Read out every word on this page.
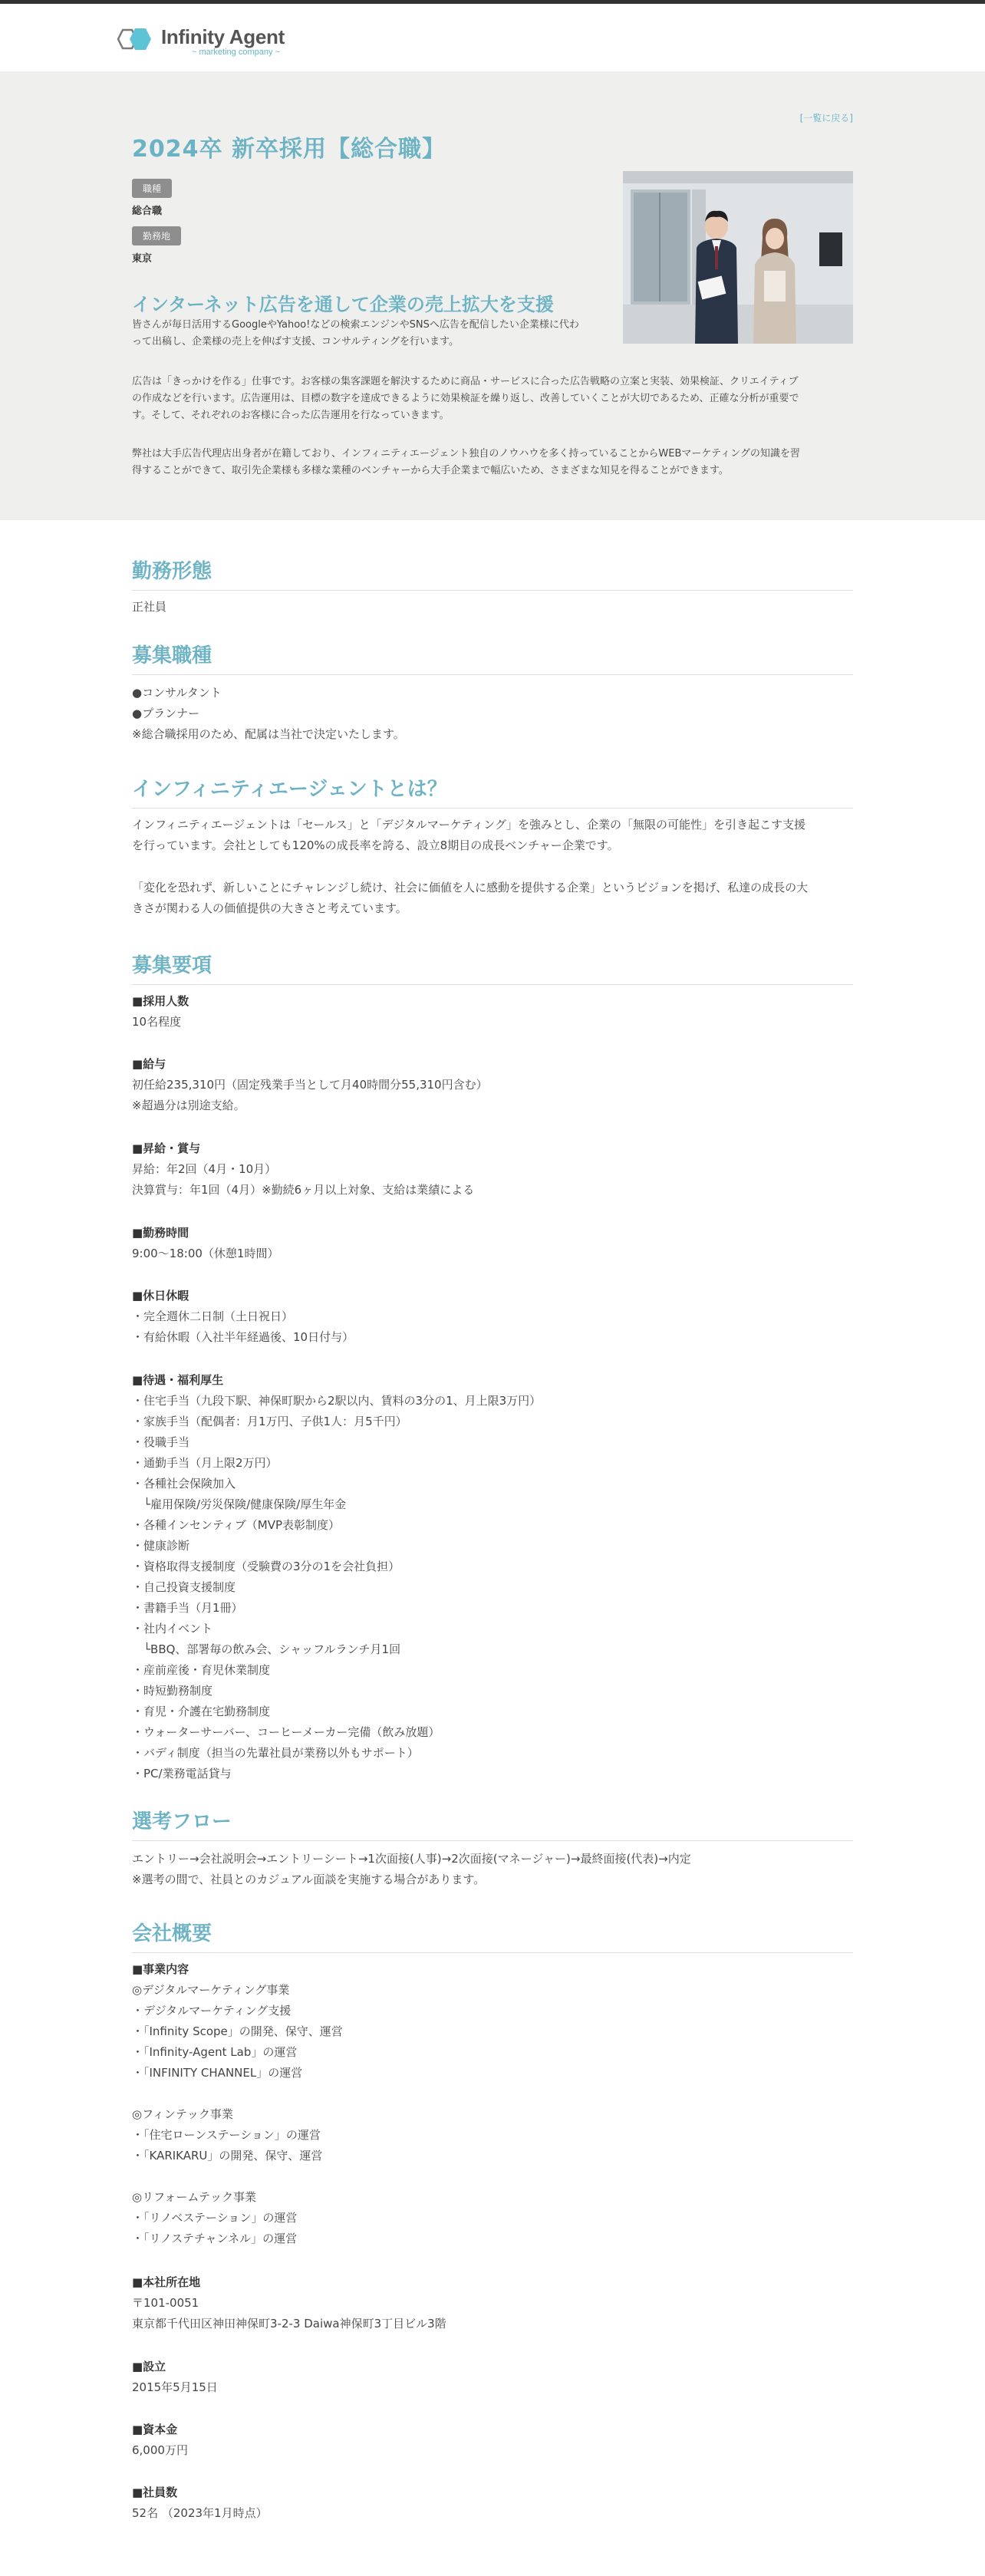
Infinity Agent
~ marketing company ~
[一覧に戻る]
2024卒 新卒採用【総合職】
職種
総合職
勤務地
東京
インターネット広告を通して企業の売上拡大を支援

皆さんが毎日活用するGoogleやYahoo!などの検索エンジンやSNSへ広告を配信したい企業様に代わ
って出稿し、企業様の売上を伸ばす支援、コンサルティングを行います。

広告は「きっかけを作る」仕事です。お客様の集客課題を解決するために商品・サービスに合った広告戦略の立案と実装、効果検証、クリエイティブ
の作成などを行います。広告運用は、目標の数字を達成できるように効果検証を繰り返し、改善していくことが大切であるため、正確な分析が重要で
す。そして、それぞれのお客様に合った広告運用を行なっていきます。

弊社は大手広告代理店出身者が在籍しており、インフィニティエージェント独自のノウハウを多く持っていることからWEBマーケティングの知識を習
得することができて、取引先企業様も多様な業種のベンチャーから大手企業まで幅広いため、さまざまな知見を得ることができます。

勤務形態
正社員
募集職種
●コンサルタント
●プランナー
※総合職採用のため、配属は当社で決定いたします。
インフィニティエージェントとは？
インフィニティエージェントは「セールス」と「デジタルマーケティング」を強みとし、企業の「無限の可能性」を引き起こす支援
を行っています。会社としても120%の成長率を誇る、設立8期目の成長ベンチャー企業です。
「変化を恐れず、新しいことにチャレンジし続け、社会に価値を人に感動を提供する企業」というビジョンを掲げ、私達の成長の大
きさが関わる人の価値提供の大きさと考えています。
募集要項
■採用人数
10名程度
■給与
初任給235,310円（固定残業手当として月40時間分55,310円含む）
※超過分は別途支給。
■昇給・賞与
昇給：年2回（4月・10月）
決算賞与：年1回（4月）※勤続6ヶ月以上対象、支給は業績による
■勤務時間
9:00〜18:00（休憩1時間）
■休日休暇
・完全週休二日制（土日祝日）
・有給休暇（入社半年経過後、10日付与）
■待遇・福利厚生
・住宅手当（九段下駅、神保町駅から2駅以内、賃料の3分の1、月上限3万円）
・家族手当（配偶者：月1万円、子供1人：月5千円）
・役職手当
・通勤手当（月上限2万円）
・各種社会保険加入
　└雇用保険/労災保険/健康保険/厚生年金
・各種インセンティブ（MVP表彰制度）
・健康診断
・資格取得支援制度（受験費の3分の1を会社負担）
・自己投資支援制度
・書籍手当（月1冊）
・社内イベント
　└BBQ、部署毎の飲み会、シャッフルランチ月1回
・産前産後・育児休業制度
・時短勤務制度
・育児・介護在宅勤務制度
・ウォーターサーバー、コーヒーメーカー完備（飲み放題）
・バディ制度（担当の先輩社員が業務以外もサポート）
・PC/業務電話貸与
選考フロー
エントリー→会社説明会→エントリーシート→1次面接(人事)→2次面接(マネージャー)→最終面接(代表)→内定
※選考の間で、社員とのカジュアル面談を実施する場合があります。
会社概要
■事業内容
◎デジタルマーケティング事業
・デジタルマーケティング支援
・「Infinity Scope」の開発、保守、運営
・「Infinity-Agent Lab」の運営
・「INFINITY CHANNEL」の運営

◎フィンテック事業
・「住宅ローンステーション」の運営
・「KARIKARU」の開発、保守、運営

◎リフォームテック事業
・「リノベステーション」の運営
・「リノステチャンネル」の運営
■本社所在地
〒101-0051
東京都千代田区神田神保町3-2-3 Daiwa神保町3丁目ビル3階
■設立
2015年5月15日
■資本金
6,000万円
■社員数
52名 （2023年1月時点）
